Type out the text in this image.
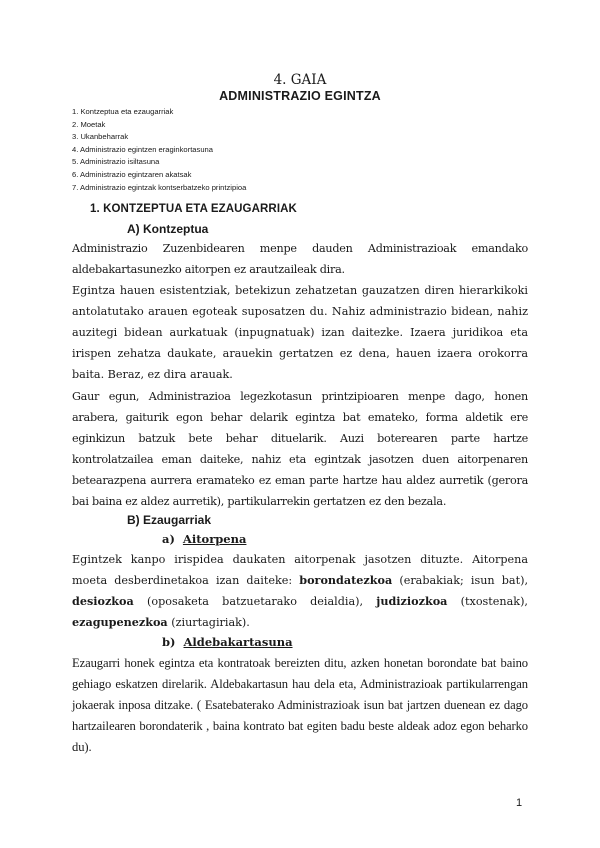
4. GAIA
ADMINISTRAZIO EGINTZA
1. Kontzeptua eta ezaugarriak
2. Moetak
3. Ukanbeharrak
4. Administrazio egintzen eraginkortasuna
5. Administrazio isiltasuna
6. Administrazio egintzaren akatsak
7. Administrazio egintzak kontserbatzeko printzipioa
1. KONTZEPTUA ETA EZAUGARRIAK
A) Kontzeptua

Administrazio Zuzenbidearen menpe dauden Administrazioak emandako aldebakartasunezko aitorpen ez arautzaileak dira.

Egintza hauen esistentziak, betekizun zehatzetan gauzatzen diren hierarkikoki antolatutako arauen egoteak suposatzen du. Nahiz administrazio bidean, nahiz auzitegi bidean aurkatuak (inpugnatuak) izan daitezke. Izaera juridikoa eta irispen zehatza daukate, arauekin gertatzen ez dena, hauen izaera orokorra baita. Beraz, ez dira arauak.

Gaur egun, Administrazioa legezkotasun printzipioaren menpe dago, honen arabera, gaiturik egon behar delarik egintza bat emateko, forma aldetik ere eginkizun batzuk bete behar dituelarik. Auzi boterearen parte hartze kontrolatzailea eman daiteke, nahiz eta egintzak jasotzen duen aitorpenaren betearazpena aurrera eramateko ez eman parte hartze hau aldez aurretik (gerora bai baina ez aldez aurretik), partikularrekin gertatzen ez den bezala.

B) Ezaugarriak
a) Aitorpena

Egintzek kanpo irispidea daukaten aitorpenak jasotzen dituzte. Aitorpena moeta desberdinetakoa izan daiteke: borondatezkoa (erabakiak; isun bat), desiozkoa (oposaketa batzuetarako deialdia), judiziozkoa (txostenak), ezagupenezkoa (ziurtagiriak).

b) Aldebakartasuna

Ezaugarri honek egintza eta kontratoak bereizten ditu, azken honetan borondate bat baino gehiago eskatzen direlarik. Aldebakartasun hau dela eta, Administrazioak partikularrengan jokaerak inposa ditzake. ( Esatebaterako Administrazioak isun bat jartzen duenean ez dago hartzailearen borondaterik , baina kontrato bat egiten badu beste aldeak adoz egon beharko du).

1
